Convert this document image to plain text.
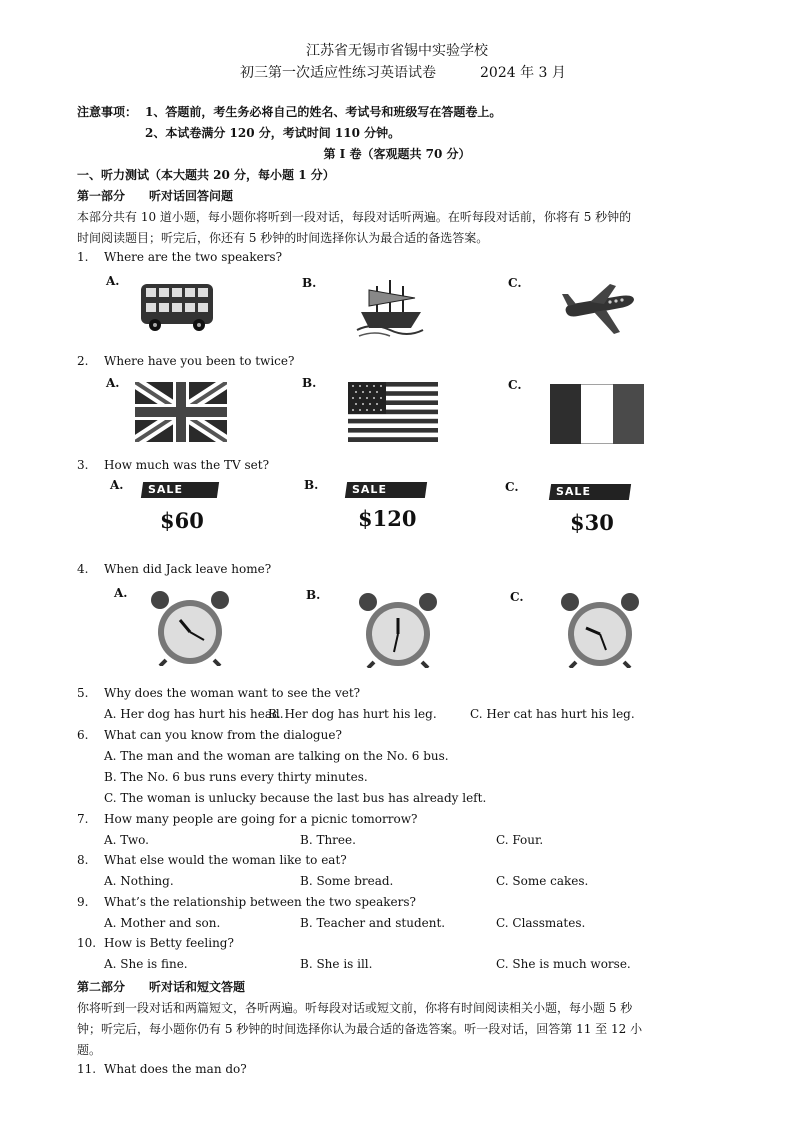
江苏省无锡市省锡中实验学校
初三第一次适应性练习英语试卷	2024 年 3 月
注意事项： 1、答题前，考生务必将自己的姓名、考试号和班级写在答题卷上。
2、本试卷满分 120 分，考试时间 110 分钟。
第 I 卷（客观题共 70 分）
一、听力测试（本大题共 20 分，每小题 1 分）
第一部分　　听对话回答问题
本部分共有 10 道小题，每小题你将听到一段对话，每段对话听两遍。在听每段对话前，你将有 5 秒钟的
时间阅读题目；听完后，你还有 5 秒钟的时间选择你认为最合适的备选答案。
1. Where are the two speakers?
A.	B.	C.
2. Where have you been to twice?
A.	B.	C.
3. How much was the TV set?
A.	B.	C.
SALE
$60
SALE
$120
SALE
$30
4. When did Jack leave home?
A.	B.	C.
5. Why does the woman want to see the vet?
A. Her dog has hurt his head.
B. Her dog has hurt his leg.	C. Her cat has hurt his leg.
6. What can you know from the dialogue?
A. The man and the woman are talking on the No. 6 bus.
B. The No. 6 bus runs every thirty minutes.
C. The woman is unlucky because the last bus has already left.
7. How many people are going for a picnic tomorrow?
A. Two.	B. Three.	C. Four.
8. What else would the woman like to eat?
A. Nothing.	B. Some bread.	C. Some cakes.
9. What’s the relationship between the two speakers?
A. Mother and son.	B. Teacher and student.	C. Classmates.
10. How is Betty feeling?
A. She is fine.	B. She is ill.	C. She is much worse.
第二部分　　听对话和短文答题
你将听到一段对话和两篇短文，各听两遍。听每段对话或短文前，你将有时间阅读相关小题，每小题 5 秒
钟；听完后，每小题你仍有 5 秒钟的时间选择你认为最合适的备选答案。听一段对话，回答第 11 至 12 小
题。
11. What does the man do?
